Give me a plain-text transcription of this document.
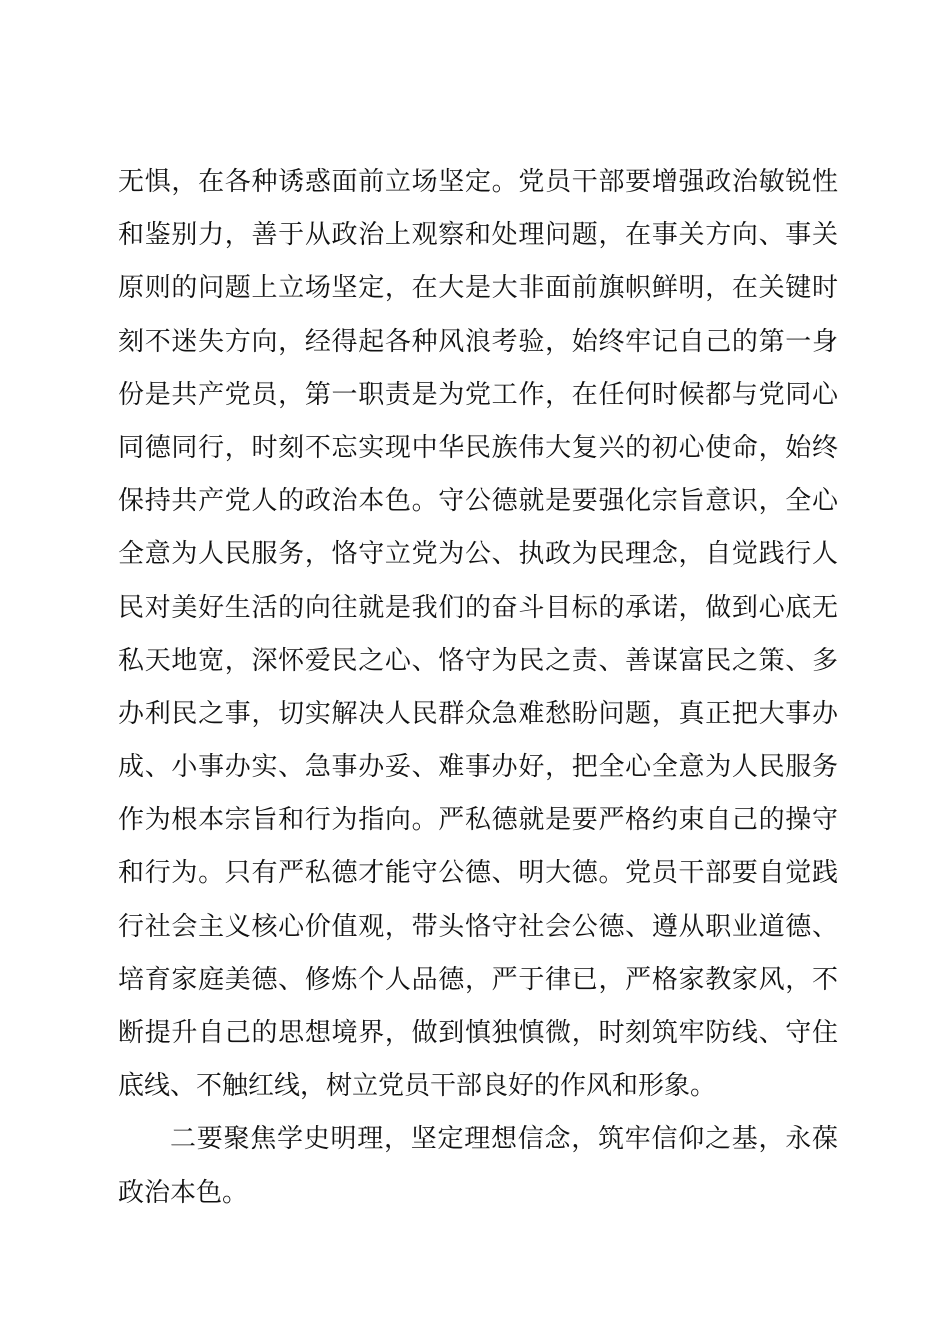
无惧，在各种诱惑面前立场坚定。党员干部要增强政治敏锐性
和鉴别力，善于从政治上观察和处理问题，在事关方向、事关
原则的问题上立场坚定，在大是大非面前旗帜鲜明，在关键时
刻不迷失方向，经得起各种风浪考验，始终牢记自己的第一身
份是共产党员，第一职责是为党工作，在任何时候都与党同心
同德同行，时刻不忘实现中华民族伟大复兴的初心使命，始终
保持共产党人的政治本色。守公德就是要强化宗旨意识，全心
全意为人民服务，恪守立党为公、执政为民理念，自觉践行人
民对美好生活的向往就是我们的奋斗目标的承诺，做到心底无
私天地宽，深怀爱民之心、恪守为民之责、善谋富民之策、多
办利民之事，切实解决人民群众急难愁盼问题，真正把大事办
成、小事办实、急事办妥、难事办好，把全心全意为人民服务
作为根本宗旨和行为指向。严私德就是要严格约束自己的操守
和行为。只有严私德才能守公德、明大德。党员干部要自觉践
行社会主义核心价值观，带头恪守社会公德、遵从职业道德、
培育家庭美德、修炼个人品德，严于律已，严格家教家风，不
断提升自己的思想境界，做到慎独慎微，时刻筑牢防线、守住
底线、不触红线，树立党员干部良好的作风和形象。
二要聚焦学史明理，坚定理想信念，筑牢信仰之基，永葆
政治本色。
